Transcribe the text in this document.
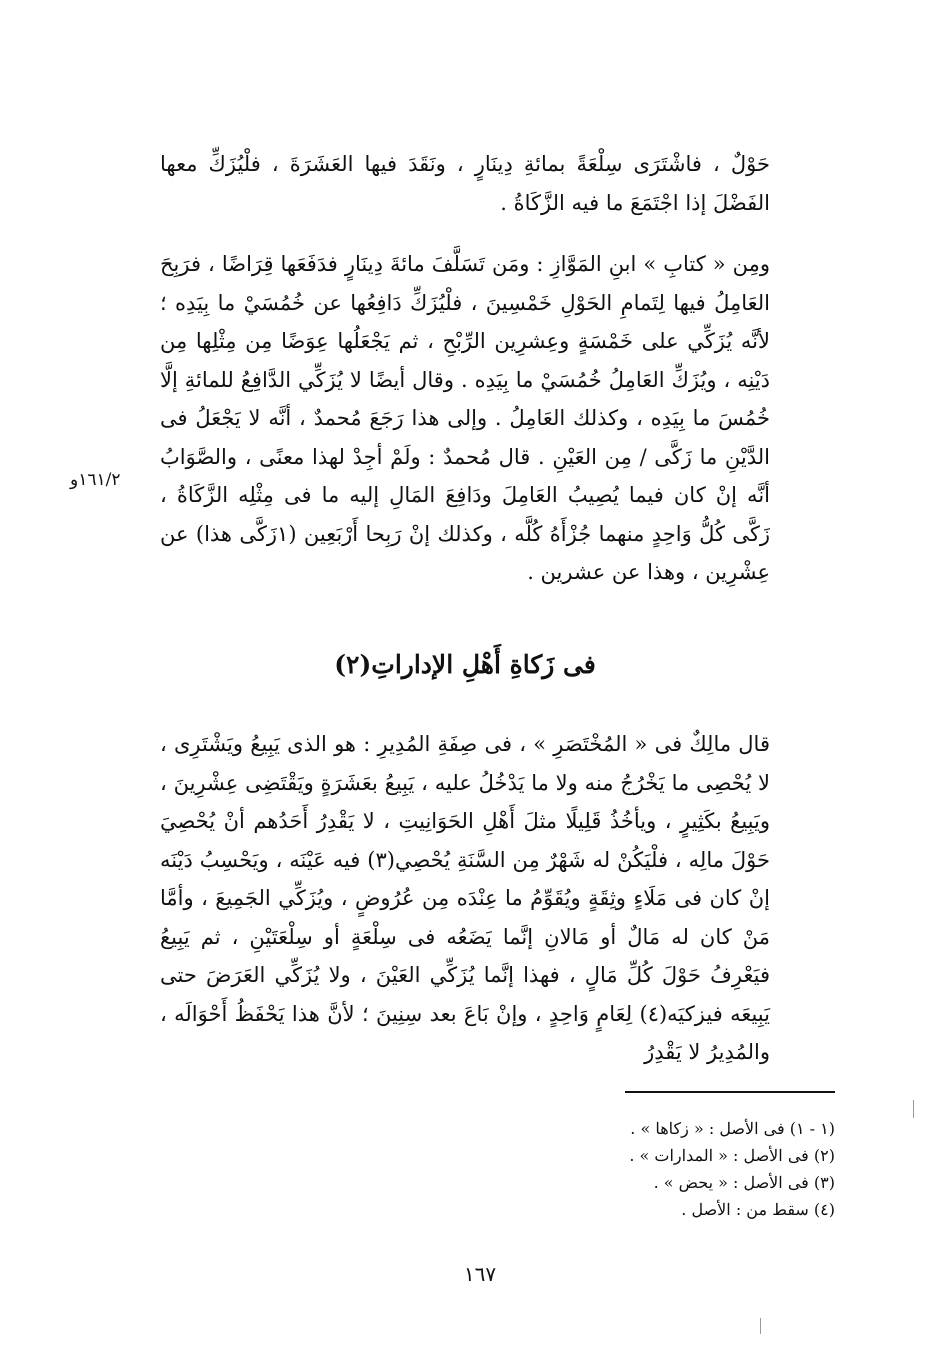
حَوْلٌ ، فاشْتَرَى سِلْعَةً بمائةِ دِينَارٍ ، ونَقَدَ فيها العَشَرَةَ ، فلْيُزَكِّ معها الفَضْلَ إذا اجْتَمَعَ ما فيه الزَّكَاةُ .

ومِن « كتابِ » ابنِ المَوَّازِ : ومَن تَسَلَّفَ مائةَ دِينَارٍ فدَفَعَها قِرَاضًا ، فرَبِحَ العَامِلُ فيها لِتَمامِ الحَوْلِ خَمْسِينَ ، فلْيُزَكِّ دَافِعُها عن خُمُسَيْ ما بِيَدِه ؛ لأنَّه يُزَكِّي على خَمْسَةٍ وعِشرِين الرِّبْحِ ، ثم يَجْعَلُها عِوَضًا مِن مِثْلِها مِن دَيْنِه ، ويُزَكِّ العَامِلُ خُمُسَيْ ما بِيَدِه . وقال أيضًا لا يُزَكِّي الدَّافِعُ للمائةِ إلَّا خُمُسَ ما بِيَدِه ، وكذلك العَامِلُ . وإلى هذا رَجَعَ مُحمدٌ ، أنَّه لا يَجْعَلُ فى الدَّيْنِ ما زَكَّى / مِن العَيْنِ . قال مُحمدٌ : ولَمْ أجِدْ لهذا معنًى ، والصَّوَابُ أنَّه إنْ كان فيما يُصِيبُ العَامِلَ ودَافِعَ المَالِ إليه ما فى مِثْلِه الزَّكَاةُ ، زَكَّى كُلُّ وَاحِدٍ منهما جُزْأَهُ كُلَّه ، وكذلك إنْ رَبِحا أَرْبَعِين (١زَكَّى هذا) عن عِشْرِين ، وهذا عن عشرين .

١٦١/٢و
فى زَكاةِ أَهْلِ الإداراتِ(٢)

قال مالِكٌ فى « المُخْتَصَرِ » ، فى صِفَةِ المُدِيرِ : هو الذى يَبِيعُ ويَشْتَرِى ، لا يُحْصِى ما يَخْرُجُ منه ولا ما يَدْخُلُ عليه ، يَبِيعُ بعَشَرَةٍ ويَقْتَضِى عِشْرِينَ ، ويَبِيعُ بكَثِيرٍ ، ويأخُذُ قَلِيلًا مثلَ أَهْلِ الحَوَانِيتِ ، لا يَقْدِرُ أَحَدُهم أنْ يُحْصِيَ حَوْلَ مالِه ، فلْيَكُنْ له شَهْرٌ مِن السَّنَةِ يُحْصِي(٣) فيه عَيْنَه ، ويَحْسِبُ دَيْنَه إنْ كان فى مَلَاءٍ وثِقَةٍ ويُقَوِّمُ ما عِنْدَه مِن عُرُوضٍ ، ويُزَكِّي الجَمِيعَ ، وأمَّا مَنْ كان له مَالٌ أو مَالانِ إنَّما يَضَعُه فى سِلْعَةٍ أو سِلْعَتَيْنِ ، ثم يَبِيعُ فيَعْرِفُ حَوْلَ كُلِّ مَالٍ ، فهذا إنَّما يُزَكِّي العَيْنَ ، ولا يُزَكِّي العَرَضَ حتى يَبِيعَه فيزكيَه(٤) لِعَامٍ وَاحِدٍ ، وإنْ بَاعَ بعد سِنِينَ ؛ لأنَّ هذا يَحْفَظُ أَحْوَالَه ، والمُدِيرُ لا يَقْدِرُ

(١ - ١) فى الأصل : « زكاها » .
(٢) فى الأصل : « المدارات » .
(٣) فى الأصل : « يحض » .
(٤) سقط من : الأصل .
١٦٧
